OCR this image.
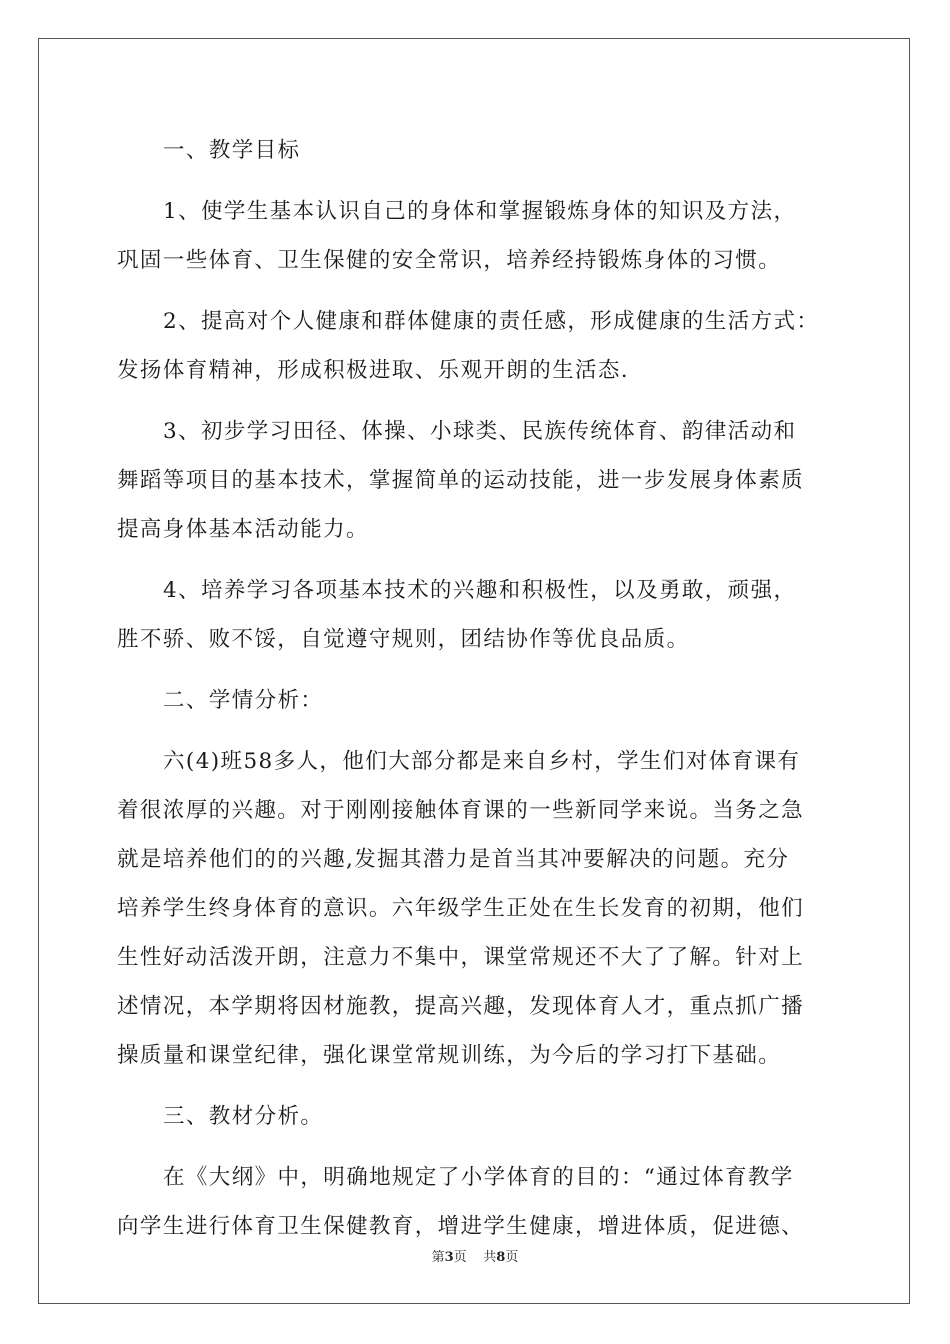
一、教学目标
1、使学生基本认识自己的身体和掌握锻炼身体的知识及方法，
巩固一些体育、卫生保健的安全常识，培养经持锻炼身体的习惯。
2、提高对个人健康和群体健康的责任感，形成健康的生活方式：
发扬体育精神，形成积极进取、乐观开朗的生活态.
3、初步学习田径、体操、小球类、民族传统体育、韵律活动和
舞蹈等项目的基本技术，掌握简单的运动技能，进一步发展身体素质
提高身体基本活动能力。
4、培养学习各项基本技术的兴趣和积极性，以及勇敢，顽强，
胜不骄、败不馁，自觉遵守规则，团结协作等优良品质。
二、学情分析：
六(4)班58多人，他们大部分都是来自乡村，学生们对体育课有
着很浓厚的兴趣。对于刚刚接触体育课的一些新同学来说。当务之急
就是培养他们的的兴趣,发掘其潜力是首当其冲要解决的问题。充分
培养学生终身体育的意识。六年级学生正处在生长发育的初期，他们
生性好动活泼开朗，注意力不集中，课堂常规还不大了了解。针对上
述情况，本学期将因材施教，提高兴趣，发现体育人才，重点抓广播
操质量和课堂纪律，强化课堂常规训练，为今后的学习打下基础。
三、教材分析。
在《大纲》中，明确地规定了小学体育的目的：“通过体育教学
向学生进行体育卫生保健教育，增进学生健康，增进体质，促进德、
第3页 共8页
